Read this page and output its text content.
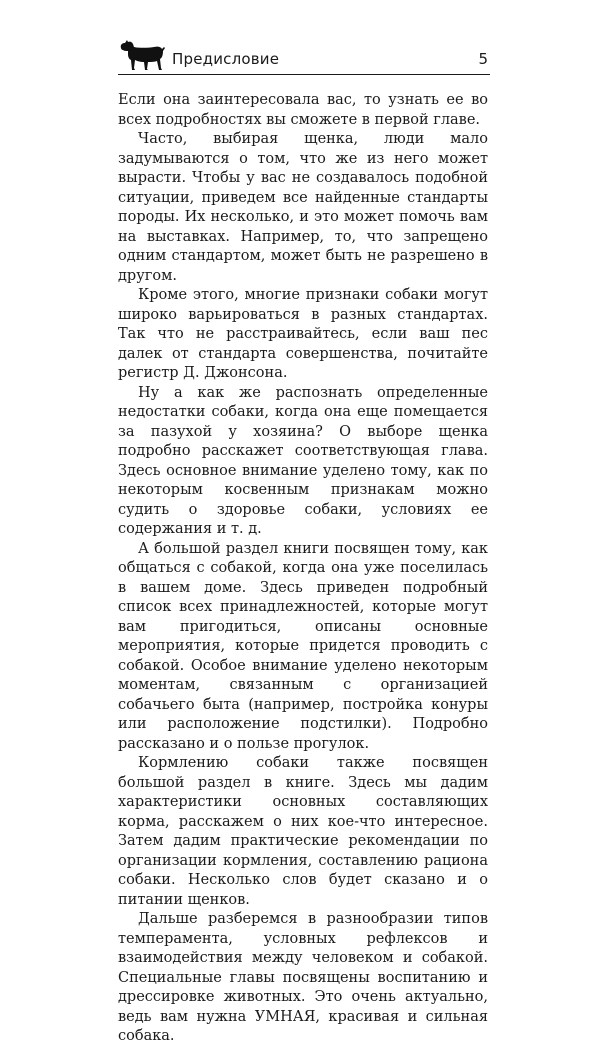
Предисловие	5

Если она заинтересовала вас, то узнать ее во всех подробностях вы сможете в первой главе.

Часто, выбирая щенка, люди мало задумываются о том, что же из него может вырасти. Чтобы у вас не создавалось подобной ситуации, приведем все найденные стандарты породы. Их несколько, и это может помочь вам на выставках. Например, то, что запрещено одним стандартом, может быть не разрешено в другом.

Кроме этого, многие признаки собаки могут широко варьироваться в разных стандартах. Так что не расстраивайтесь, если ваш пес далек от стандарта совершенства, почитайте регистр Д. Джонсона.

Ну а как же распознать определенные недостатки собаки, когда она еще помещается за пазухой у хозяина? О выборе щенка подробно расскажет соответствующая глава. Здесь основное внимание уделено тому, как по некоторым косвенным признакам можно судить о здоровье собаки, условиях ее содержания и т. д.

А большой раздел книги посвящен тому, как общаться с собакой, когда она уже поселилась в вашем доме. Здесь приведен подробный список всех принадлежностей, которые могут вам пригодиться, описаны основные мероприятия, которые придется проводить с собакой. Особое внимание уделено некоторым моментам, связанным с организацией собачьего быта (например, постройка конуры или расположение подстилки). Подробно рассказано и о пользе прогулок.

Кормлению собаки также посвящен большой раздел в книге. Здесь мы дадим характеристики основных составляющих корма, расскажем о них кое-что интересное. Затем дадим практические рекомендации по организации кормления, составлению рациона собаки. Несколько слов будет сказано и о питании щенков.

Дальше разберемся в разнообразии типов темперамента, условных рефлексов и взаимодействия между человеком и собакой. Специальные главы посвящены воспитанию и дрессировке животных. Это очень актуально, ведь вам нужна УМНАЯ, красивая и сильная собака.
